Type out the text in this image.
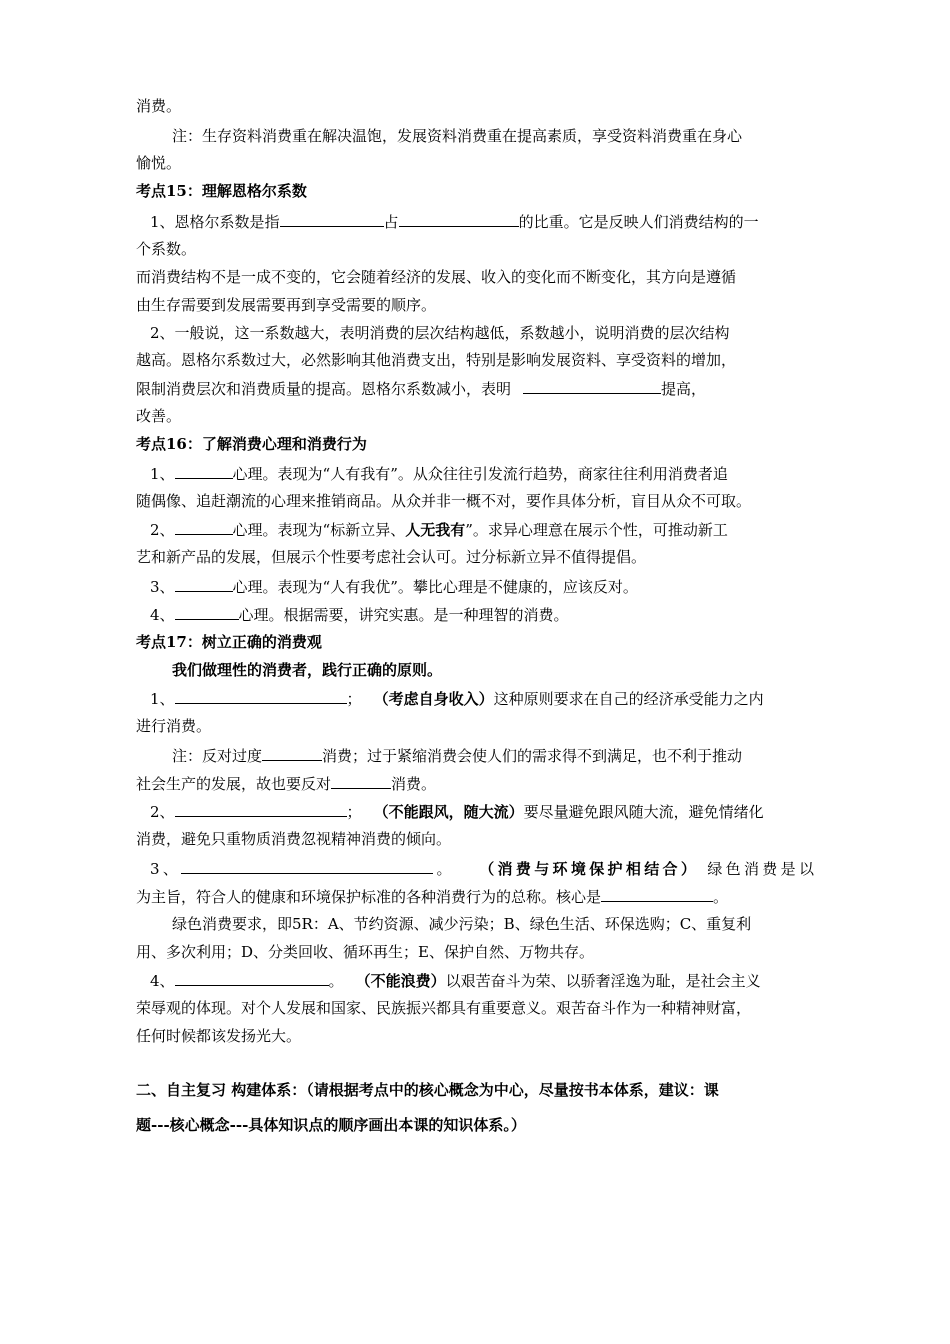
消费。
注：生存资料消费重在解决温饱，发展资料消费重在提高素质，享受资料消费重在身心
愉悦。
考点15：理解恩格尔系数
1、恩格尔系数是指	占	的比重。它是反映人们消费结构的一
个系数。
而消费结构不是一成不变的，它会随着经济的发展、收入的变化而不断变化，其方向是遵循
由生存需要到发展需要再到享受需要的顺序。
2、一般说，这一系数越大，表明消费的层次结构越低，系数越小，说明消费的层次结构
越高。恩格尔系数过大，必然影响其他消费支出，特别是影响发展资料、享受资料的增加，
限制消费层次和消费质量的提高。恩格尔系数减小，表明	提高，
改善。
考点16：了解消费心理和消费行为
1、	心理。表现为“人有我有”。从众往往引发流行趋势，商家往往利用消费者追
随偶像、追赶潮流的心理来推销商品。从众并非一概不对，要作具体分析，盲目从众不可取。
2、	心理。表现为“标新立异、人无我有”。求异心理意在展示个性，可推动新工
艺和新产品的发展，但展示个性要考虑社会认可。过分标新立异不值得提倡。
3、	心理。表现为“人有我优”。攀比心理是不健康的，应该反对。
4、	心理。根据需要，讲究实惠。是一种理智的消费。
考点17：树立正确的消费观
我们做理性的消费者，践行正确的原则。
1、	； （考虑自身收入）这种原则要求在自己的经济承受能力之内
进行消费。
注：反对过度	消费；过于紧缩消费会使人们的需求得不到满足，也不利于推动
社会生产的发展，故也要反对	消费。
2、	； （不能跟风，随大流）要尽量避免跟风随大流，避免情绪化
消费，避免只重物质消费忽视精神消费的倾向。
3、	。 （消费与环境保护相结合） 绿色消费是以
为主旨，符合人的健康和环境保护标准的各种消费行为的总称。核心是	。
绿色消费要求，即5R：A、节约资源、减少污染；B、绿色生活、环保选购；C、重复利
用、多次利用；D、分类回收、循环再生；E、保护自然、万物共存。
4、	。 （不能浪费）以艰苦奋斗为荣、以骄奢淫逸为耻，是社会主义
荣辱观的体现。对个人发展和国家、民族振兴都具有重要意义。艰苦奋斗作为一种精神财富，
任何时候都该发扬光大。
二、自主复习 构建体系：（请根据考点中的核心概念为中心，尽量按书本体系，建议：课
题---核心概念---具体知识点的顺序画出本课的知识体系。）
